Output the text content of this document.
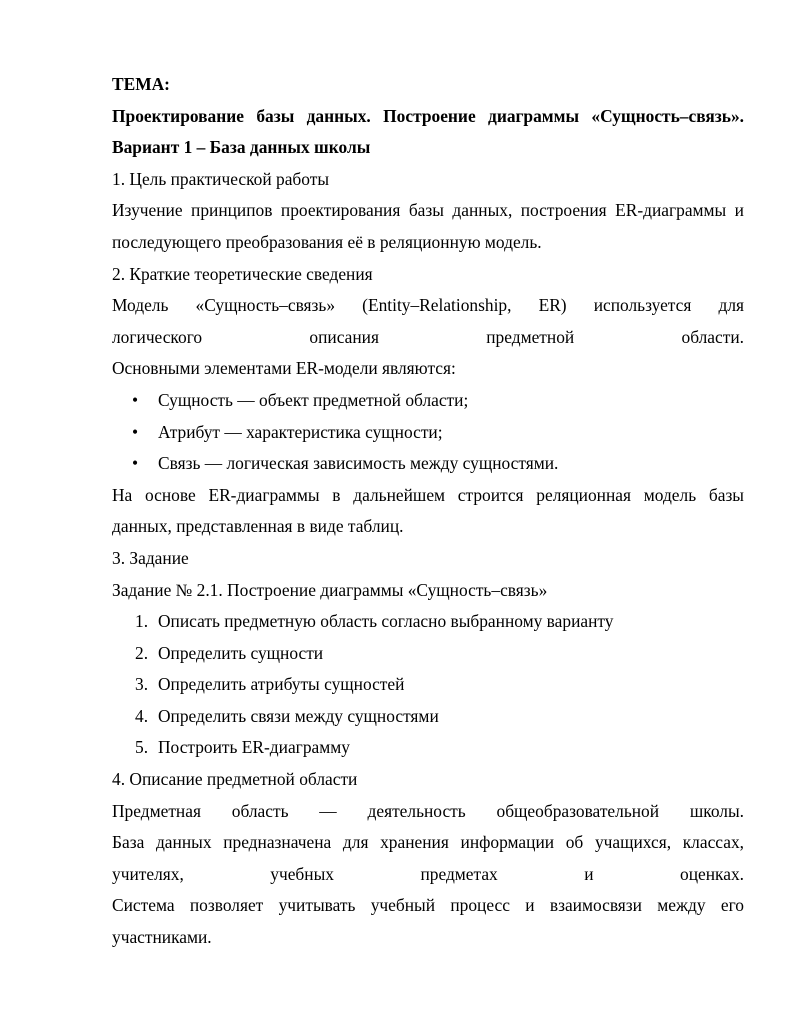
ТЕМА:

Проектирование базы данных. Построение диаграммы «Сущность–связь».

Вариант 1 – База данных школы

1. Цель практической работы

Изучение принципов проектирования базы данных, построения ER-диаграммы и

последующего преобразования её в реляционную модель.

2. Краткие теоретические сведения

Модель «Сущность–связь» (Entity–Relationship, ER) используется для

логического описания предметной области.

Основными элементами ER-модели являются:

• Сущность — объект предметной области;
• Атрибут — характеристика сущности;
• Связь — логическая зависимость между сущностями.

На основе ER-диаграммы в дальнейшем строится реляционная модель базы

данных, представленная в виде таблиц.

3. Задание

Задание № 2.1. Построение диаграммы «Сущность–связь»

1. Описать предметную область согласно выбранному варианту
2. Определить сущности
3. Определить атрибуты сущностей
4. Определить связи между сущностями
5. Построить ER-диаграмму

4. Описание предметной области

Предметная область — деятельность общеобразовательной школы.

База данных предназначена для хранения информации об учащихся, классах,

учителях, учебных предметах и оценках.

Система позволяет учитывать учебный процесс и взаимосвязи между его

участниками.
